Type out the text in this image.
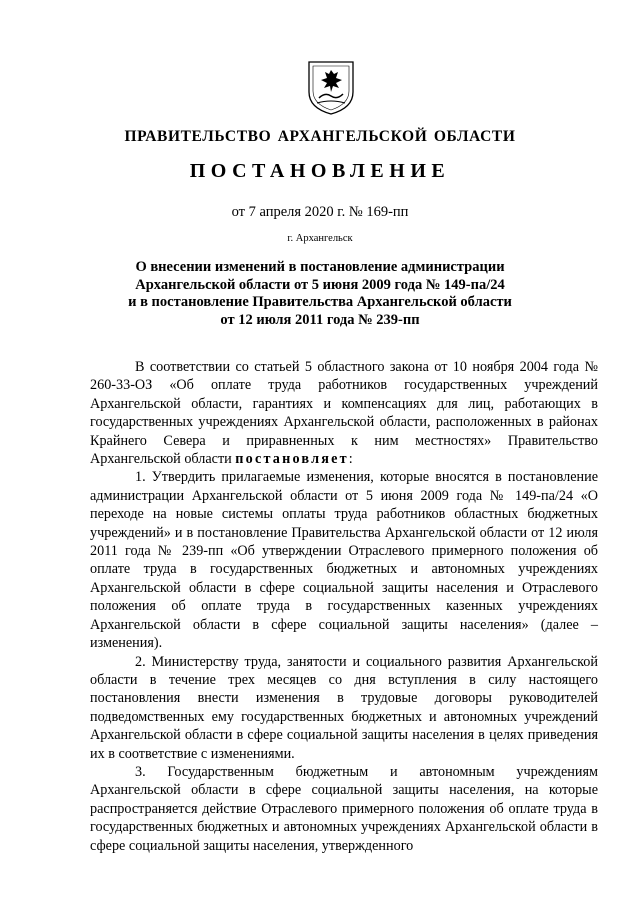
ПРАВИТЕЛЬСТВО АРХАНГЕЛЬСКОЙ ОБЛАСТИ
ПОСТАНОВЛЕНИЕ
от 7 апреля 2020 г. № 169-пп
г. Архангельск
О внесении изменений в постановление администрации
Архангельской области от 5 июня 2009 года № 149-па/24
и в постановление Правительства Архангельской области
от 12 июля 2011 года № 239-пп

В соответствии со статьей 5 областного закона от 10 ноября 2004 года № 260-33-ОЗ «Об оплате труда работников государственных учреждений Архангельской области, гарантиях и компенсациях для лиц, работающих в государственных учреждениях Архангельской области, расположенных в районах Крайнего Севера и приравненных к ним местностях» Правительство Архангельской области постановляет:

1. Утвердить прилагаемые изменения, которые вносятся в постановление администрации Архангельской области от 5 июня 2009 года № 149-па/24 «О переходе на новые системы оплаты труда работников областных бюджетных учреждений» и в постановление Правительства Архангельской области от 12 июля 2011 года № 239-пп «Об утверждении Отраслевого примерного положения об оплате труда в государственных бюджетных и автономных учреждениях Архангельской области в сфере социальной защиты населения и Отраслевого положения об оплате труда в государственных казенных учреждениях Архангельской области в сфере социальной защиты населения» (далее – изменения).

2. Министерству труда, занятости и социального развития Архангельской области в течение трех месяцев со дня вступления в силу настоящего постановления внести изменения в трудовые договоры руководителей подведомственных ему государственных бюджетных и автономных учреждений Архангельской области в сфере социальной защиты населения в целях приведения их в соответствие с изменениями.

3. Государственным бюджетным и автономным учреждениям Архангельской области в сфере социальной защиты населения, на которые распространяется действие Отраслевого примерного положения об оплате труда в государственных бюджетных и автономных учреждениях Архангельской области в сфере социальной защиты населения, утвержденного
